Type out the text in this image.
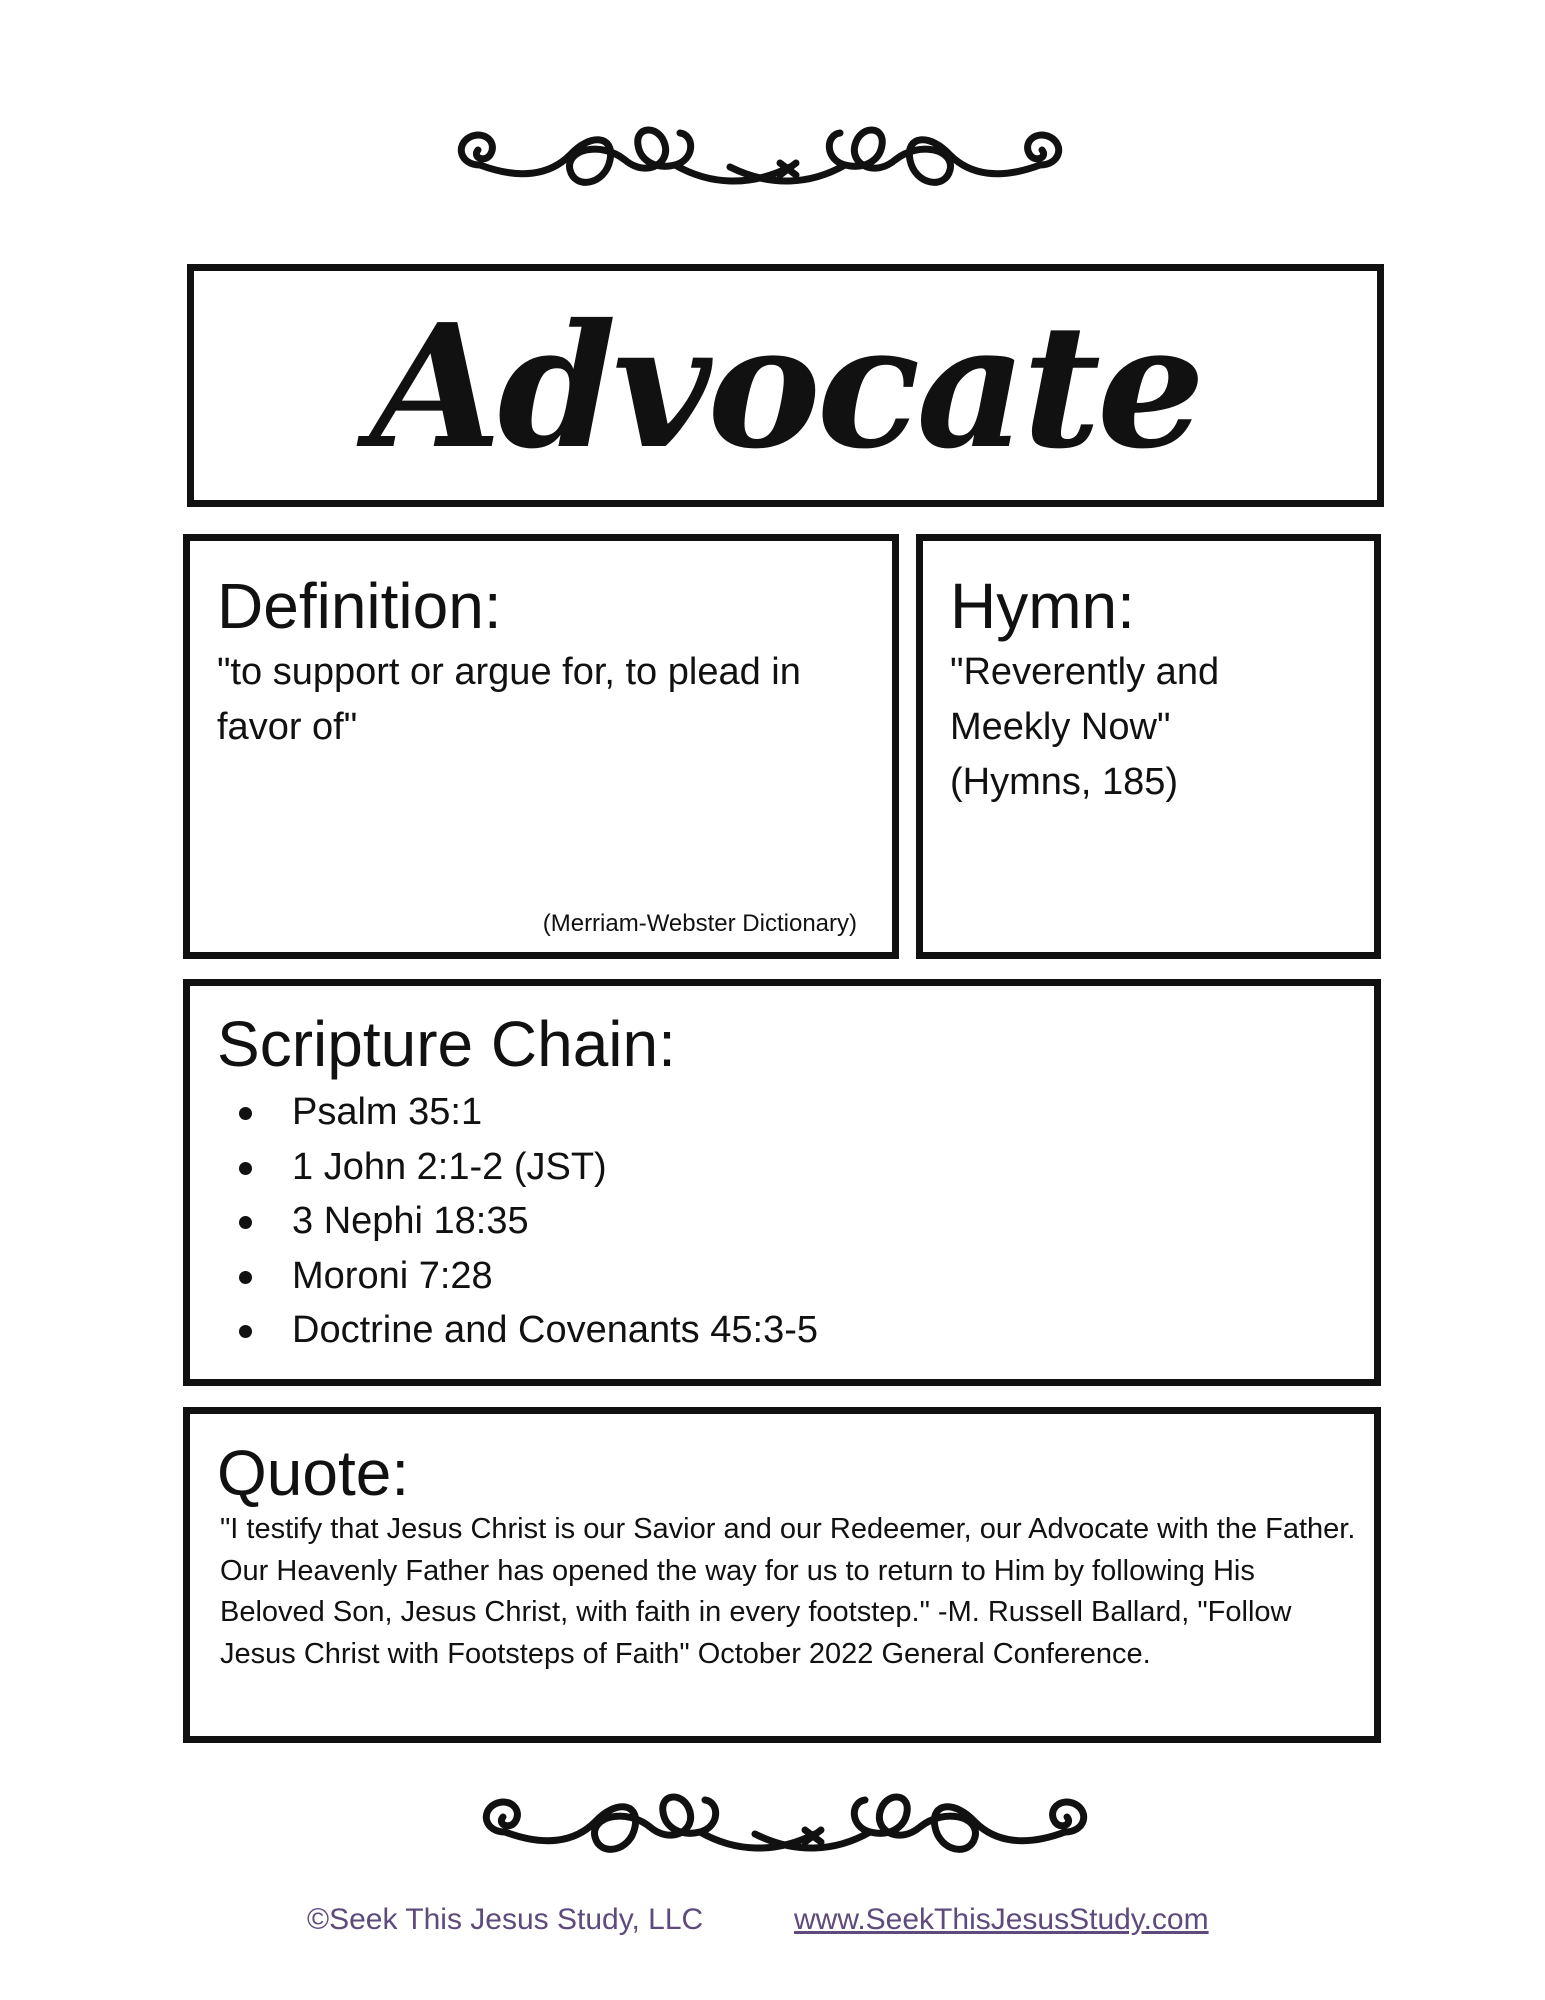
Advocate
Definition:
"to support or argue for, to plead in favor of"
(Merriam-Webster Dictionary)
Hymn:
"Reverently and
Meekly Now"
(Hymns, 185)
Scripture Chain:
Psalm 35:1
1 John 2:1-2 (JST)
3 Nephi 18:35
Moroni 7:28
Doctrine and Covenants 45:3-5
Quote:
"I testify that Jesus Christ is our Savior and our Redeemer, our Advocate with the Father. Our Heavenly Father has opened the way for us to return to Him by following His Beloved Son, Jesus Christ, with faith in every footstep." -M. Russell Ballard, "Follow Jesus Christ with Footsteps of Faith" October 2022 General Conference.
©Seek This Jesus Study, LLC	www.SeekThisJesusStudy.com
